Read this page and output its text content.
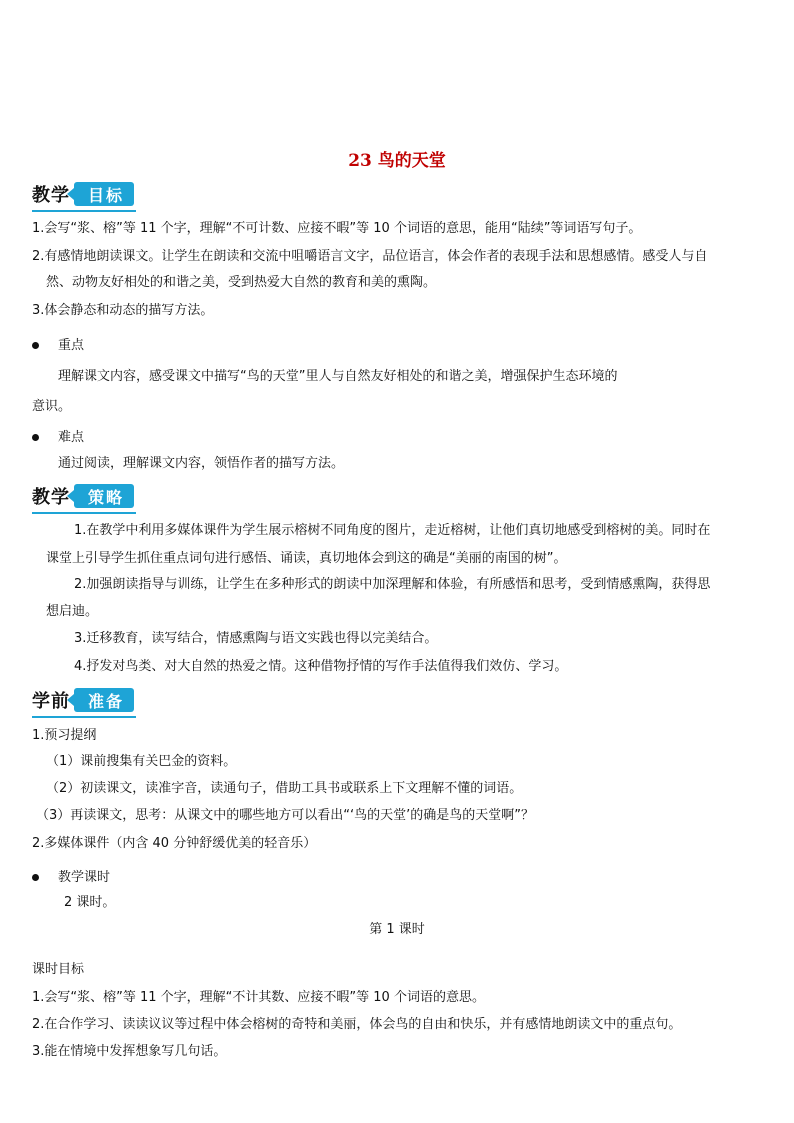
23 鸟的天堂
教学	目标
1.会写“浆、榕”等 11 个字，理解“不可计数、应接不暇”等 10 个词语的意思，能用“陆续”等词语写句子。
2.有感情地朗读课文。让学生在朗读和交流中咀嚼语言文字，品位语言，体会作者的表现手法和思想感情。感受人与自
然、动物友好相处的和谐之美，受到热爱大自然的教育和美的熏陶。
3.体会静态和动态的描写方法。
重点
理解课文内容，感受课文中描写“鸟的天堂”里人与自然友好相处的和谐之美，增强保护生态环境的
意识。
难点
通过阅读，理解课文内容，领悟作者的描写方法。
教学	策略
1.在教学中利用多媒体课件为学生展示榕树不同角度的图片，走近榕树，让他们真切地感受到榕树的美。同时在
课堂上引导学生抓住重点词句进行感悟、诵读，真切地体会到这的确是“美丽的南国的树”。
2.加强朗读指导与训练，让学生在多种形式的朗读中加深理解和体验，有所感悟和思考，受到情感熏陶，获得思
想启迪。
3.迁移教育，读写结合，情感熏陶与语文实践也得以完美结合。
4.抒发对鸟类、对大自然的热爱之情。这种借物抒情的写作手法值得我们效仿、学习。
学前	准备
1.预习提纲
（1）课前搜集有关巴金的资料。
（2）初读课文，读准字音，读通句子，借助工具书或联系上下文理解不懂的词语。
（3）再读课文，思考：从课文中的哪些地方可以看出“‘鸟的天堂’的确是鸟的天堂啊”？
2.多媒体课件（内含 40 分钟舒缓优美的轻音乐）
教学课时
2 课时。
第 1 课时
课时目标
1.会写“浆、榕”等 11 个字，理解“不计其数、应接不暇”等 10 个词语的意思。
2.在合作学习、读读议议等过程中体会榕树的奇特和美丽，体会鸟的自由和快乐，并有感情地朗读文中的重点句。
3.能在情境中发挥想象写几句话。
